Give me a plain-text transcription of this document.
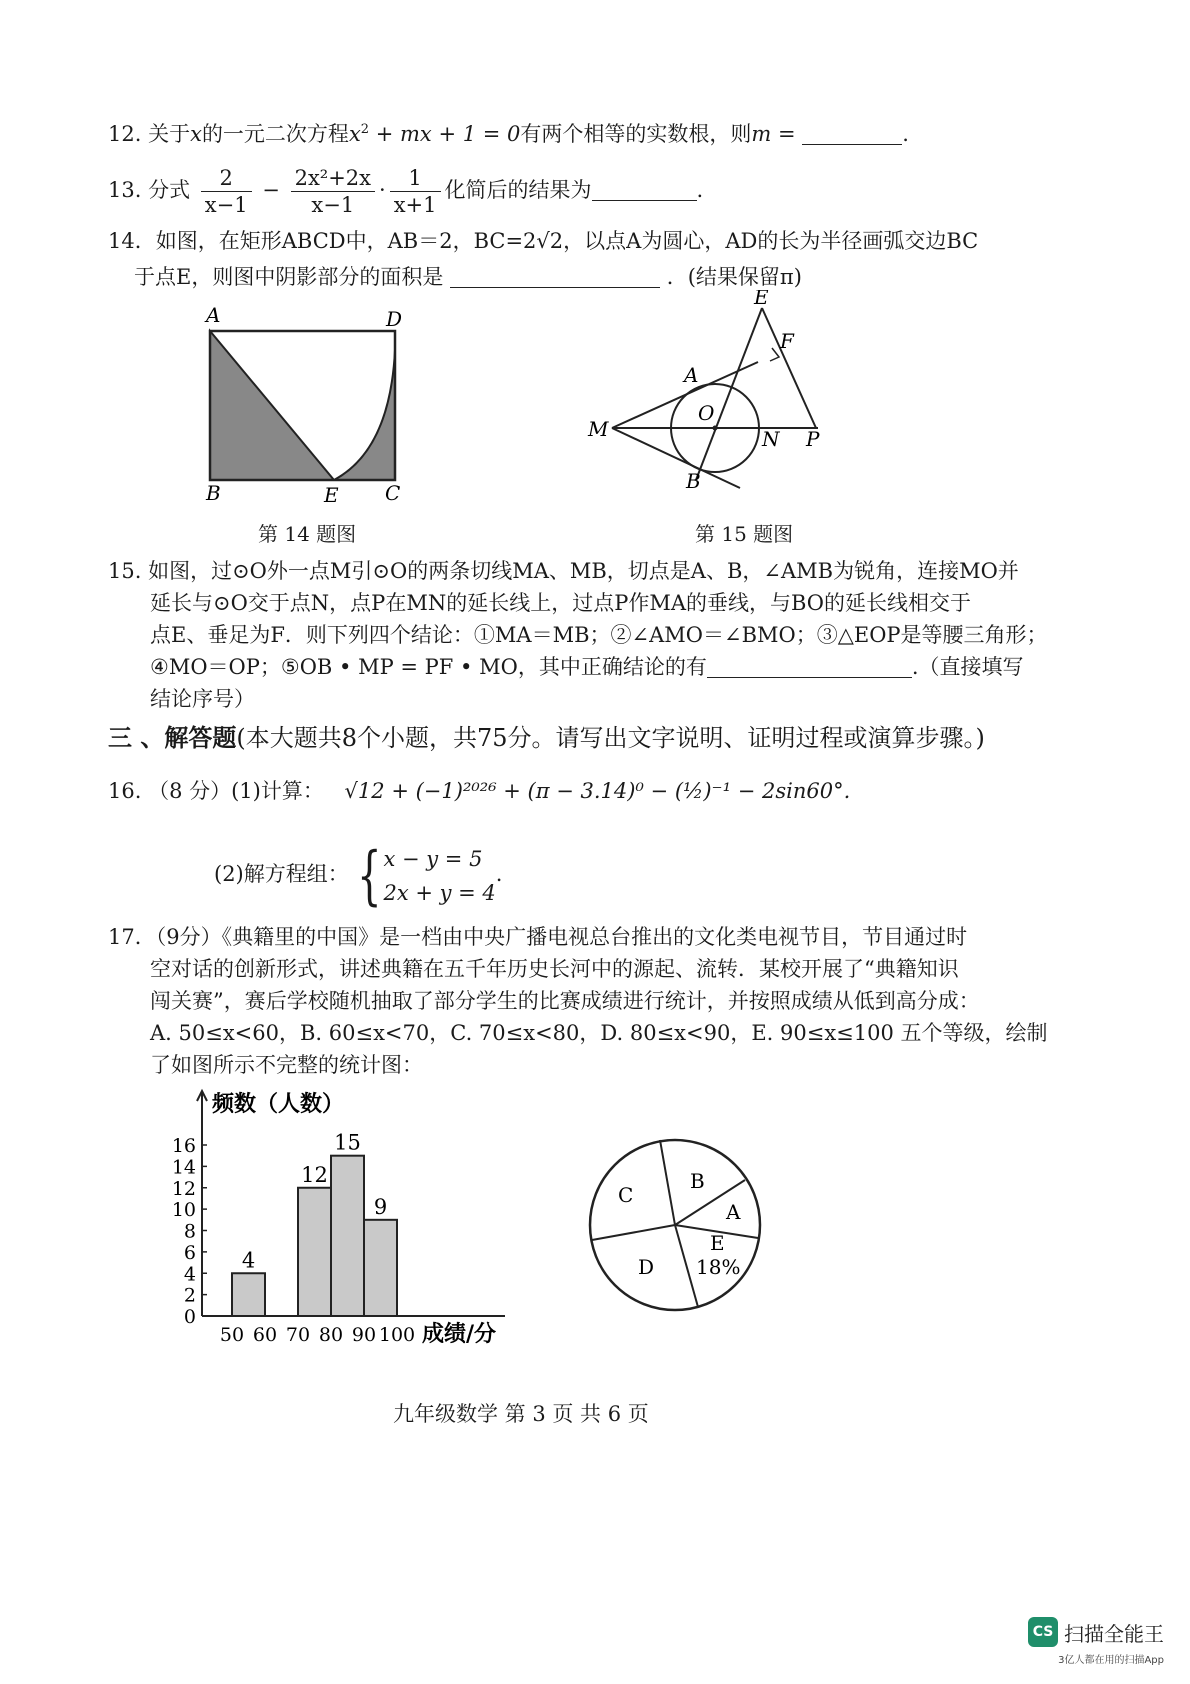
12. 关于x的一元二次方程$x^2$ + mx + 1 = 0有两个相等的实数根，则m =	.
13. 分式 $\frac{2}{x-1} - \frac{\text{2x²+2x}}{x-1} \cdot \frac{1}{x+1}$ 化简后的结果为	.
14．如图，在矩形ABCD中，AB＝2，BC=2√2，以点A为圆心，AD的长为半径画弧交边BC
于点E，则图中阴影部分的面积是	．(结果保留π)
A	D
B	E C
第 14 题图
E
F
A
O
M	N P
B
第 15 题图
15. 如图，过⊙O外一点M引⊙O的两条切线MA、MB，切点是A、B，∠AMB为锐角，连接MO并
延长与⊙O交于点N，点P在MN的延长线上，过点P作MA的垂线，与BO的延长线相交于
点E、垂足为F．则下列四个结论：①MA＝MB；②∠AMO＝∠BMO；③△EOP是等腰三角形；
④MO＝OP；⑤OB • MP = PF • MO，其中正确结论的有	.（直接填写
结论序号）
三 、解答题(本大题共8个小题，共75分。请写出文字说明、证明过程或演算步骤。)
16. （8 分）(1)计算： √12 + (−1)²⁰²⁶ + (π − 3.14)⁰ − (½)⁻¹ − 2sin60°.
(2)解方程组： { x − y = 5
2x + y = 4
.
17．（9分）《典籍里的中国》是一档由中央广播电视总台推出的文化类电视节目，节目通过时
空对话的创新形式，讲述典籍在五千年历史长河中的源起、流转．某校开展了“典籍知识
闯关赛”，赛后学校随机抽取了部分学生的比赛成绩进行统计，并按照成绩从低到高分成：
A. 50≤x<60，B. 60≤x<70，C. 70≤x<80，D. 80≤x<90，E. 90≤x≤100 五个等级，绘制
了如图所示不完整的统计图：
频数（人数）
0
2
4
6
8
10
12
14
16
50 60 70 80 90 100
4
12
15
9
成绩/分
C
B
A
E
18%
D
九年级数学 第 3 页 共 6 页
CS 扫描全能王
3亿人都在用的扫描App
